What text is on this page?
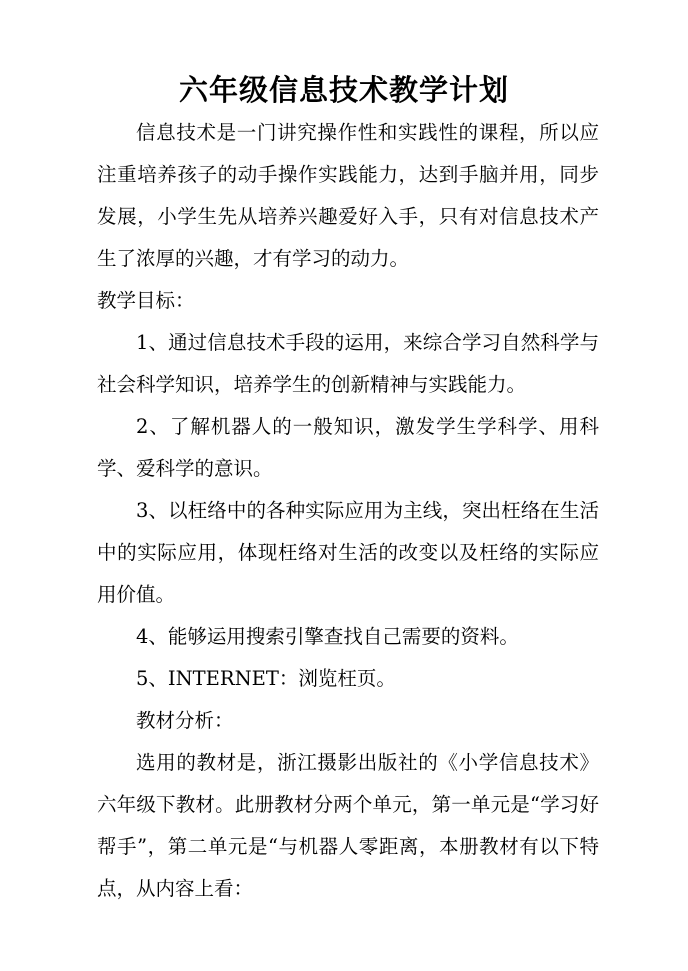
六年级信息技术教学计划

信息技术是一门讲究操作性和实践性的课程，所以应注重培养孩子的动手操作实践能力，达到手脑并用，同步发展，小学生先从培养兴趣爱好入手，只有对信息技术产生了浓厚的兴趣，才有学习的动力。

教学目标：

1、通过信息技术手段的运用，来综合学习自然科学与社会科学知识，培养学生的创新精神与实践能力。

2、了解机器人的一般知识，激发学生学科学、用科学、爱科学的意识。

3、以枉络中的各种实际应用为主线，突出枉络在生活中的实际应用，体现枉络对生活的改变以及枉络的实际应用价值。

4、能够运用搜索引擎查找自己需要的资料。

5、INTERNET：浏览枉页。

教材分析：

选用的教材是，浙江摄影出版社的《小学信息技术》六年级下教材。此册教材分两个单元，第一单元是“学习好帮手”，第二单元是“与机器人零距离，本册教材有以下特点，从内容上看：
